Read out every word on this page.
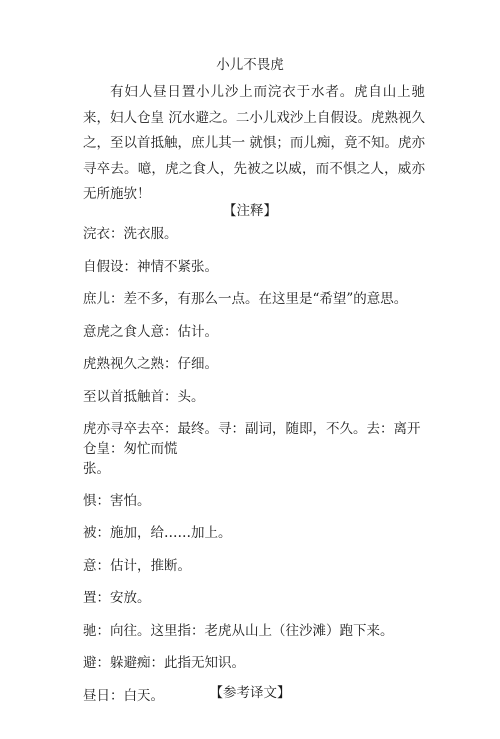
小儿不畏虎

有妇人昼日置小儿沙上而浣衣于水者。虎自山上驰来，妇人仓皇 沉水避之。二小儿戏沙上自假设。虎熟视久之，至以首抵触，庶儿其一 就惧；而儿痴，竟不知。虎亦寻卒去。噫，虎之食人，先被之以威，而不惧之人，威亦无所施欤！

【注释】
浣衣：洗衣服。
自假设：神情不紧张。
庶儿：差不多，有那么一点。在这里是“希望”的意思。
意虎之食人意：估计。
虎熟视久之熟：仔细。
至以首抵触首：头。
虎亦寻卒去卒：最终。寻：副词，随即，不久。去：离开仓皇：匆忙而慌
张。
惧：害怕。
被：施加，给……加上。
意：估计，推断。
置：安放。
驰：向往。这里指：老虎从山上（往沙滩）跑下来。
避：躲避痴：此指无知识。
昼日：白天。	【参考译文】
